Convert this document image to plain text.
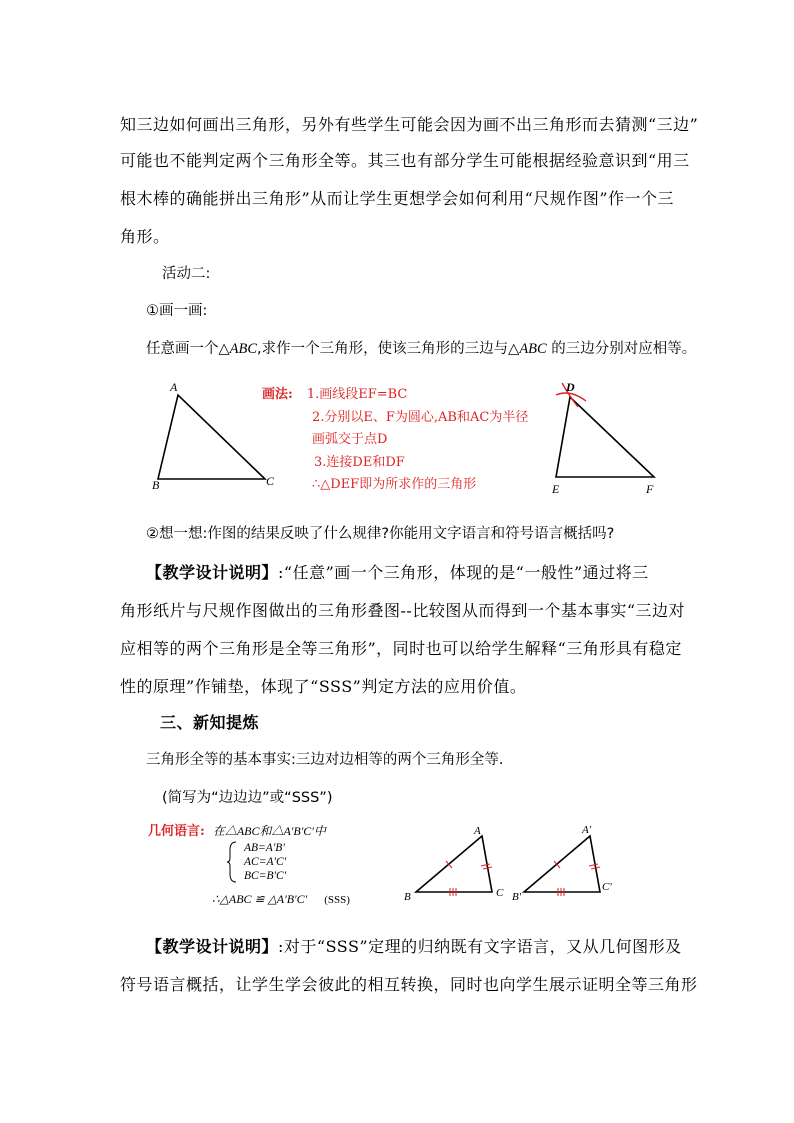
知三边如何画出三角形，另外有些学生可能会因为画不出三角形而去猜测“三边”
可能也不能判定两个三角形全等。其三也有部分学生可能根据经验意识到“用三
根木棒的确能拼出三角形”从而让学生更想学会如何利用“尺规作图”作一个三
角形。
活动二:
①画一画:
任意画一个△ABC,求作一个三角形，使该三角形的三边与△ABC 的三边分别对应相等。
A
B	C
画法: 1.画线段EF=BC
2.分别以E、F为圆心,AB和AC为半径
画弧交于点D
3.连接DE和DF
∴△DEF即为所求作的三角形
D
E	F
②想一想:作图的结果反映了什么规律?你能用文字语言和符号语言概括吗?
【教学设计说明】:“任意”画一个三角形，体现的是“一般性”通过将三
角形纸片与尺规作图做出的三角形叠图--比较图从而得到一个基本事实“三边对
应相等的两个三角形是全等三角形”，同时也可以给学生解释“三角形具有稳定
性的原理”作铺垫，体现了“SSS”判定方法的应用价值。
三、新知提炼
三角形全等的基本事实:三边对边相等的两个三角形全等.
(简写为“边边边”或“SSS”)
几何语言: 在△ABC和△A'B'C'中
AB=A'B'
AC=A'C'
BC=B'C'
∴△ABC ≌ △A'B'C' (SSS)
A
B	C
A'
B'
C'
【教学设计说明】:对于“SSS”定理的归纳既有文字语言，又从几何图形及
符号语言概括，让学生学会彼此的相互转换，同时也向学生展示证明全等三角形
